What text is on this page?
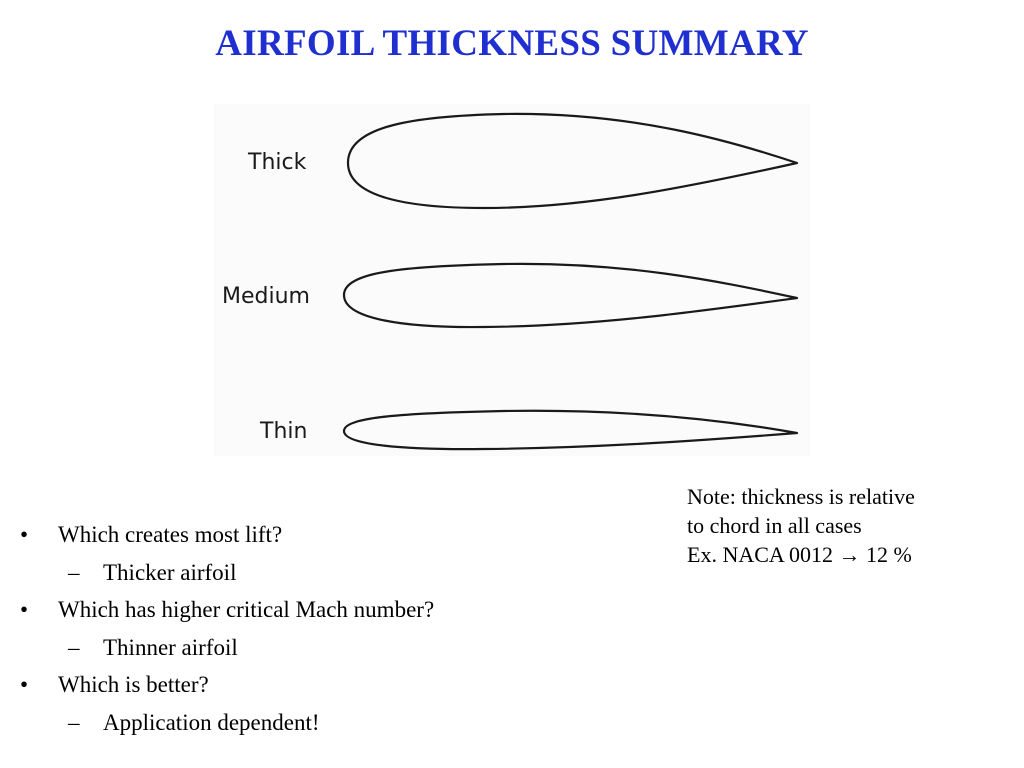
AIRFOIL THICKNESS SUMMARY
Thick
Medium
Thin
Note: thickness is relative
to chord in all cases
Ex. NACA 0012 → 12 %
• Which creates most lift?
– Thicker airfoil
• Which has higher critical Mach number?
– Thinner airfoil
• Which is better?
– Application dependent!
